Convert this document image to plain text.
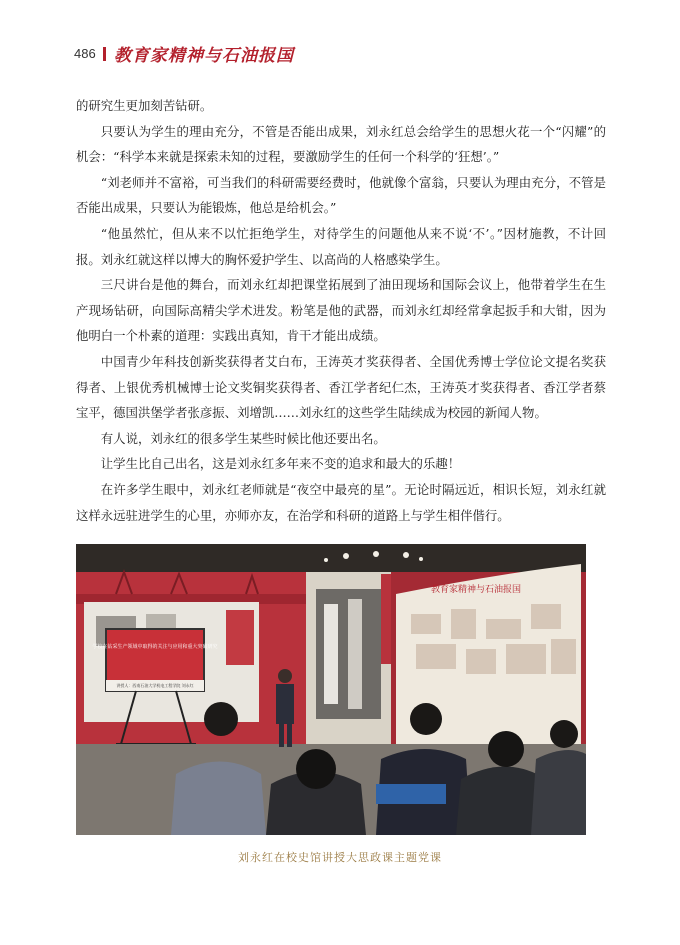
486 教育家精神与石油报国

的研究生更加刻苦钻研。

只要认为学生的理由充分，不管是否能出成果，刘永红总会给学生的思想火花一个“闪耀”的机会：“科学本来就是探索未知的过程，要激励学生的任何一个科学的‘狂想’。”

“刘老师并不富裕，可当我们的科研需要经费时，他就像个富翁，只要认为理由充分，不管是否能出成果，只要认为能锻炼，他总是给机会。”

“他虽然忙，但从来不以忙拒绝学生，对待学生的问题他从来不说‘不’。”因材施教，不计回报。刘永红就这样以博大的胸怀爱护学生、以高尚的人格感染学生。

三尺讲台是他的舞台，而刘永红却把课堂拓展到了油田现场和国际会议上，他带着学生在生产现场钻研，向国际高精尖学术进发。粉笔是他的武器，而刘永红却经常拿起扳手和大钳，因为他明白一个朴素的道理：实践出真知，肯干才能出成绩。

中国青少年科技创新奖获得者艾白布，王涛英才奖获得者、全国优秀博士学位论文提名奖获得者、上银优秀机械博士论文奖铜奖获得者、香江学者纪仁杰，王涛英才奖获得者、香江学者蔡宝平，德国洪堡学者张彦振、刘增凯……刘永红的这些学生陆续成为校园的新闻人物。

有人说，刘永红的很多学生某些时候比他还要出名。

让学生比自己出名，这是刘永红多年来不变的追求和最大的乐趣！

在许多学生眼中，刘永红老师就是“夜空中最亮的星”。无论时隔远近，相识长短，刘永红就这样永远驻进学生的心里，亦师亦友，在治学和科研的道路上与学生相伴偕行。

学校在钻采生产领域中取得的关注与应用和重大突破研究
讲授人：西南石油大学机电工程学院 刘永红
教育家精神与石油报国
刘永红在校史馆讲授大思政课主题党课
